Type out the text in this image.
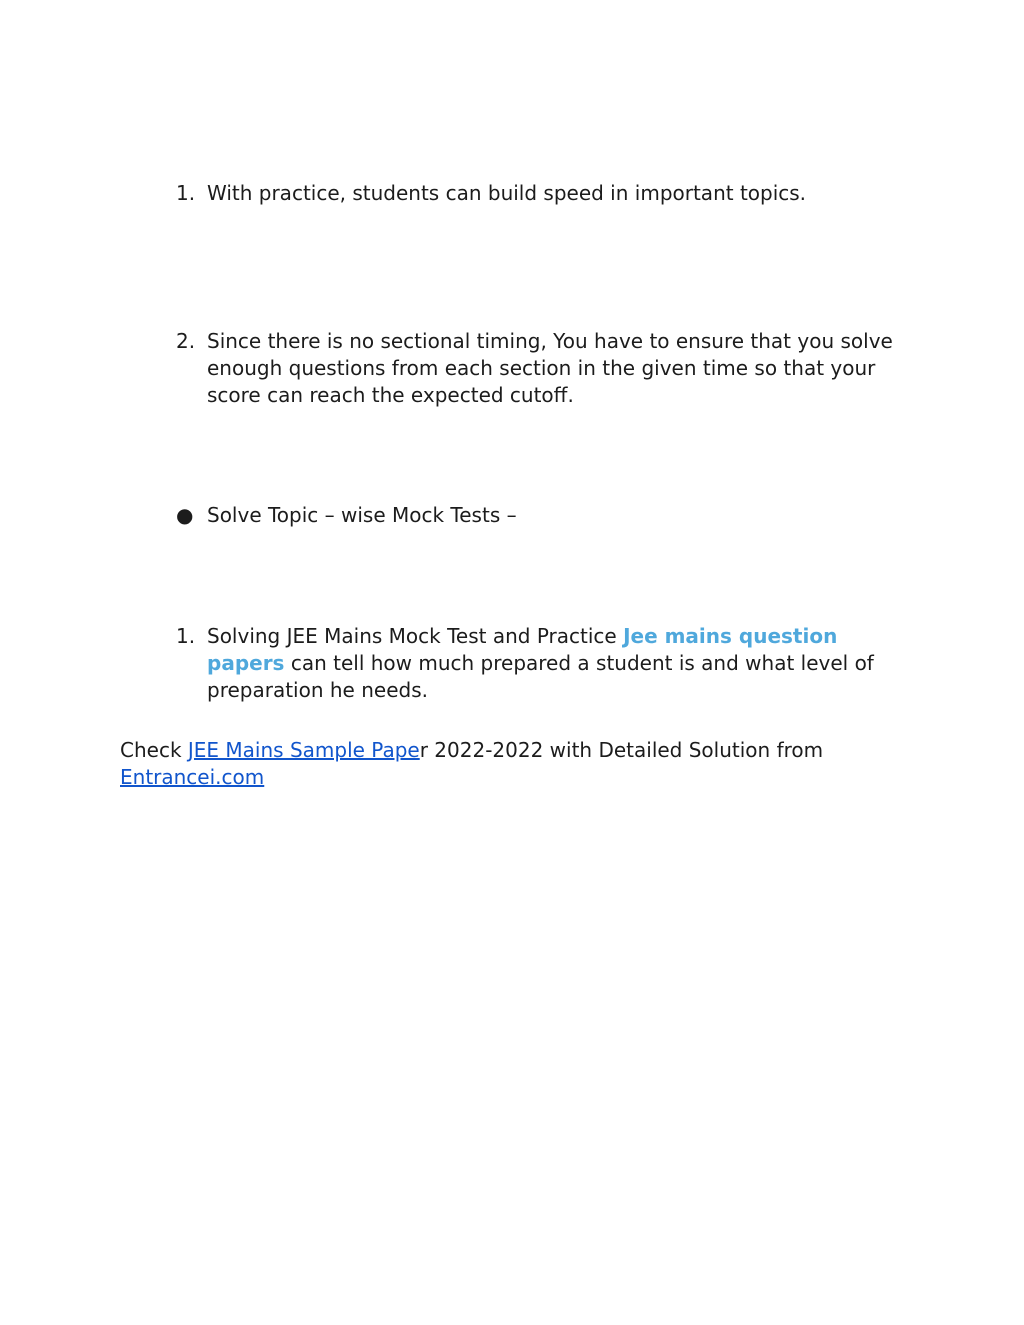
1. With practice, students can build speed in important topics.
2. Since there is no sectional timing, You have to ensure that you solve enough questions from each section in the given time so that your score can reach the expected cutoff.
● Solve Topic – wise Mock Tests –
1. Solving JEE Mains Mock Test and Practice Jee mains question papers can tell how much prepared a student is and what level of preparation he needs.
Check JEE Mains Sample Paper 2022-2022 with Detailed Solution from Entrancei.com
